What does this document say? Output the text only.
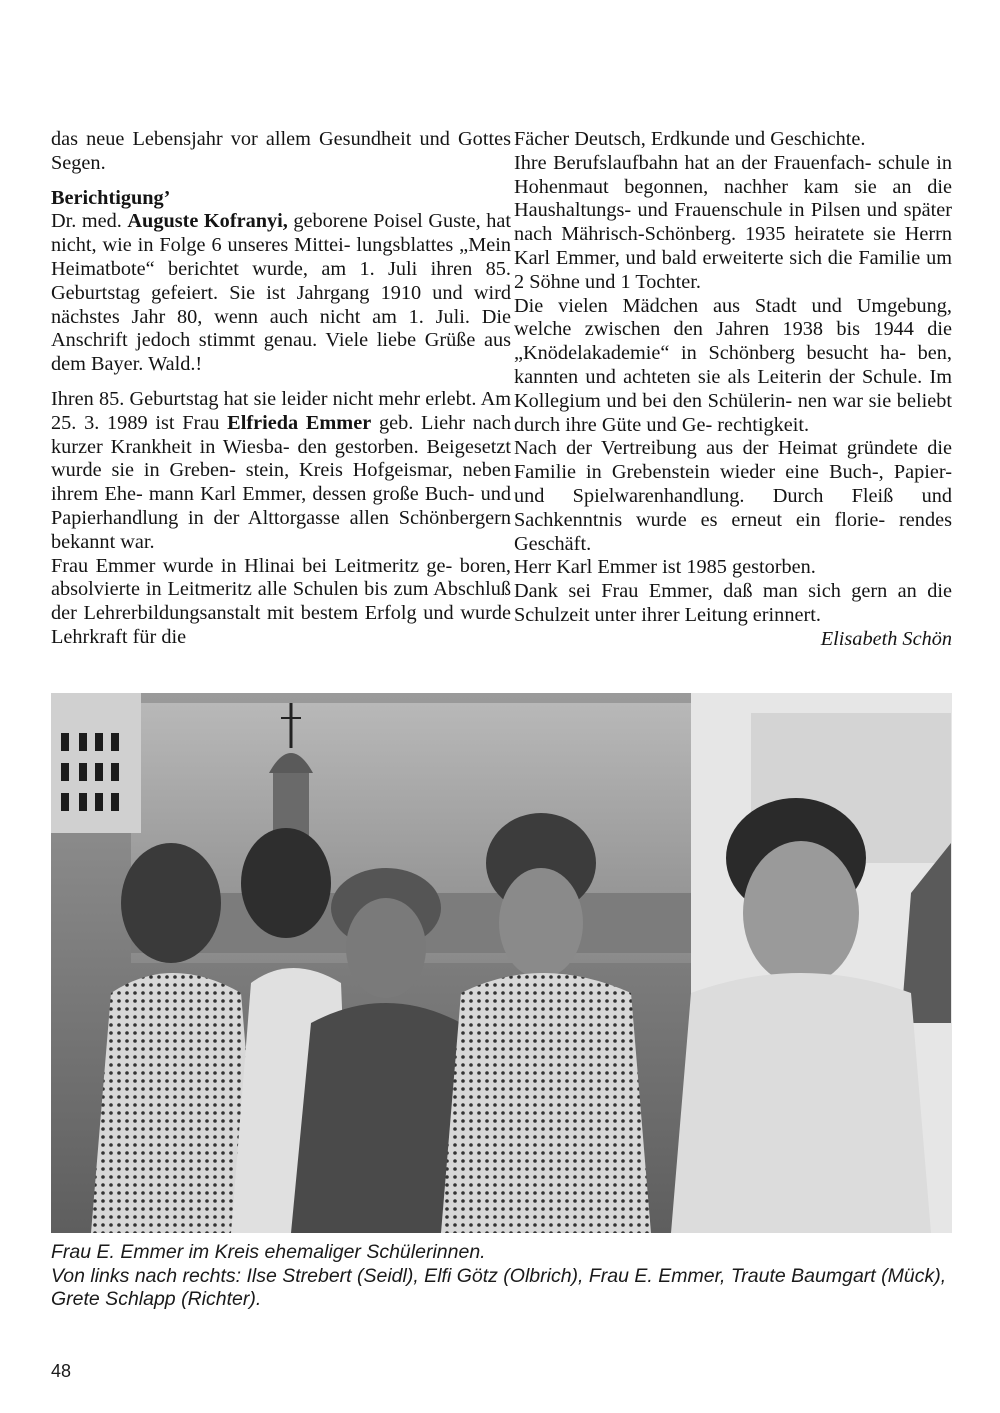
das neue Lebensjahr vor allem Gesundheit und Gottes Segen.

Berichtigung’

Dr. med. Auguste Kofranyi, geborene Poisel Guste, hat nicht, wie in Folge 6 unseres Mittei- lungsblattes „Mein Heimatbote“ berichtet wurde, am 1. Juli ihren 85. Geburtstag gefeiert. Sie ist Jahrgang 1910 und wird nächstes Jahr 80, wenn auch nicht am 1. Juli. Die Anschrift jedoch stimmt genau. Viele liebe Grüße aus dem Bayer. Wald.!

Ihren 85. Geburtstag hat sie leider nicht mehr erlebt. Am 25. 3. 1989 ist Frau Elfrieda Emmer geb. Liehr nach kurzer Krankheit in Wiesba- den gestorben. Beigesetzt wurde sie in Greben- stein, Kreis Hofgeismar, neben ihrem Ehe- mann Karl Emmer, dessen große Buch- und Papierhandlung in der Alttorgasse allen Schönbergern bekannt war.

Frau Emmer wurde in Hlinai bei Leitmeritz ge- boren, absolvierte in Leitmeritz alle Schulen bis zum Abschluß der Lehrerbildungsanstalt mit bestem Erfolg und wurde Lehrkraft für die

Fächer Deutsch, Erdkunde und Geschichte.

Ihre Berufslaufbahn hat an der Frauenfach- schule in Hohenmaut begonnen, nachher kam sie an die Haushaltungs- und Frauenschule in Pilsen und später nach Mährisch-Schönberg. 1935 heiratete sie Herrn Karl Emmer, und bald erweiterte sich die Familie um 2 Söhne und 1 Tochter.

Die vielen Mädchen aus Stadt und Umgebung, welche zwischen den Jahren 1938 bis 1944 die „Knödelakademie“ in Schönberg besucht ha- ben, kannten und achteten sie als Leiterin der Schule. Im Kollegium und bei den Schülerin- nen war sie beliebt durch ihre Güte und Ge- rechtigkeit.

Nach der Vertreibung aus der Heimat gründete die Familie in Grebenstein wieder eine Buch-, Papier- und Spielwarenhandlung. Durch Fleiß und Sachkenntnis wurde es erneut ein florie- rendes Geschäft.

Herr Karl Emmer ist 1985 gestorben.

Dank sei Frau Emmer, daß man sich gern an die Schulzeit unter ihrer Leitung erinnert.

Elisabeth Schön

Frau E. Emmer im Kreis ehemaliger Schülerinnen.
Von links nach rechts: Ilse Strebert (Seidl), Elfi Götz (Olbrich), Frau E. Emmer, Traute Baumgart (Mück), Grete Schlapp (Richter).
48
